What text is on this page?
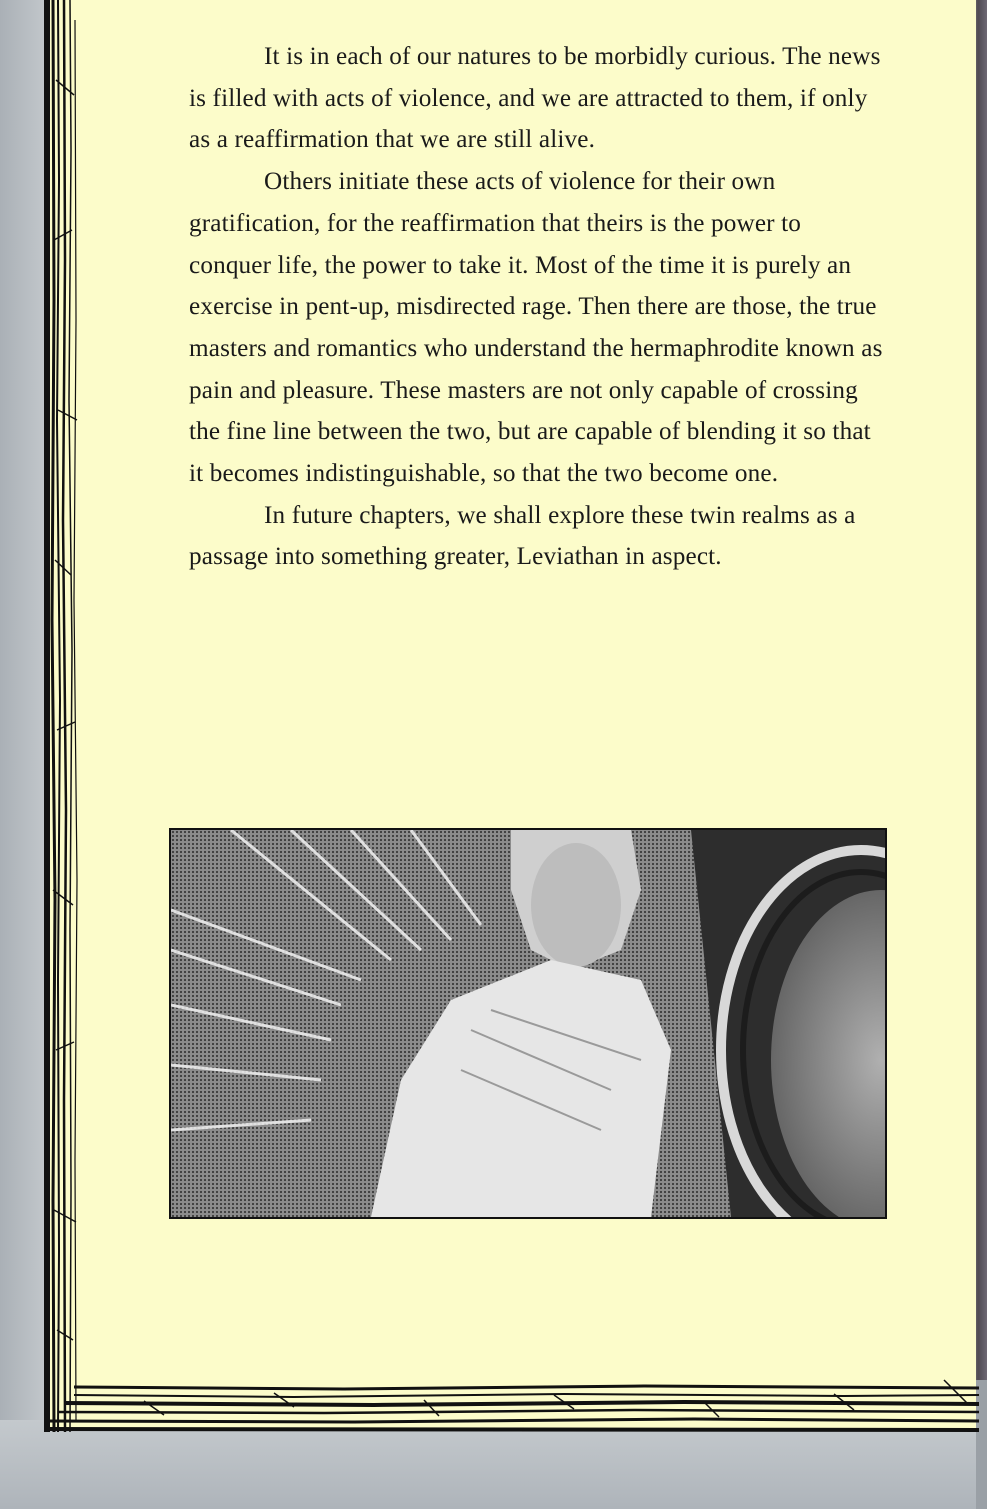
It is in each of our natures to be morbidly curious. The news is filled with acts of violence, and we are attracted to them, if only as a reaffirmation that we are still alive.

Others initiate these acts of violence for their own gratification, for the reaffirmation that theirs is the power to conquer life, the power to take it. Most of the time it is purely an exercise in pent-up, misdirected rage. Then there are those, the true masters and romantics who understand the hermaphrodite known as pain and pleasure. These masters are not only capable of crossing the fine line between the two, but are capable of blending it so that it becomes indistinguishable, so that the two become one.

In future chapters, we shall explore these twin realms as a passage into something greater, Leviathan in aspect.
